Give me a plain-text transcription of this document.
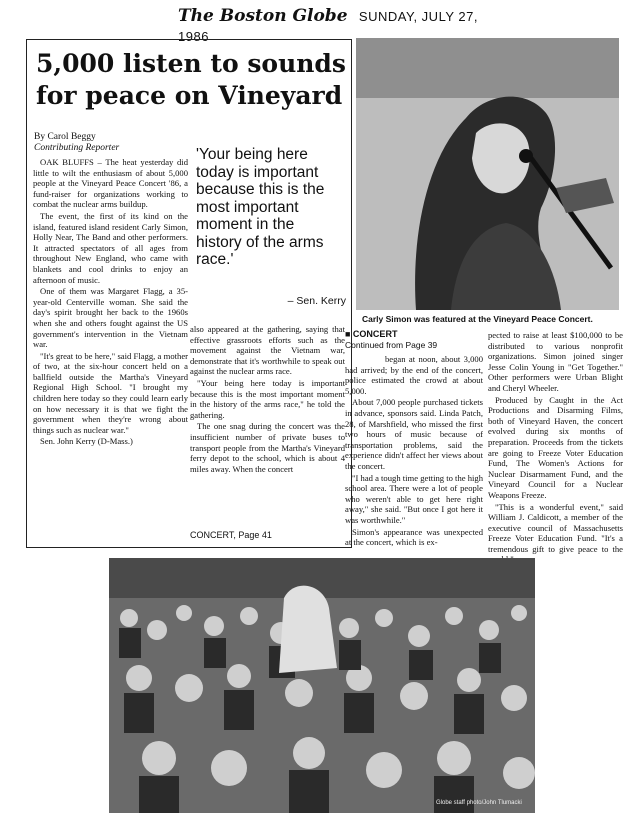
The Boston Globe SUNDAY, JULY 27, 1986
5,000 listen to sounds for peace on Vineyard
By Carol Beggy
Contributing Reporter

OAK BLUFFS – The heat yesterday did little to wilt the enthusiasm of about 5,000 people at the Vineyard Peace Concert '86, a fund-raiser for organizations working to combat the nuclear arms buildup.

The event, the first of its kind on the island, featured island resident Carly Simon, Holly Near, The Band and other performers. It attracted spectators of all ages from throughout New England, who came with blankets and cool drinks to enjoy an afternoon of music.

One of them was Margaret Flagg, a 35-year-old Centerville woman. She said the day's spirit brought her back to the 1960s when she and others fought against the US government's intervention in the Vietnam war.

"It's great to be here," said Flagg, a mother of two, at the six-hour concert held on a ballfield outside the Martha's Vineyard Regional High School. "I brought my children here today so they could learn early on how necessary it is that we fight the government when they're wrong about things such as nuclear war."

Sen. John Kerry (D-Mass.)

'Your being here today is important because this is the most important moment in the history of the arms race.'
– Sen. Kerry

also appeared at the gathering, saying that effective grassroots efforts such as the movement against the Vietnam war, demonstrate that it's worthwhile to speak out against the nuclear arms race.

"Your being here today is important because this is the most important moment in the history of the arms race," he told the gathering.

The one snag during the concert was the insufficient number of private buses to transport people from the Martha's Vineyard ferry depot to the school, which is about 4 miles away. When the concert

CONCERT, Page 41
Carly Simon was featured at the Vineyard Peace Concert.
■ CONCERT
Continued from Page 39

began at noon, about 3,000 had arrived; by the end of the concert, police estimated the crowd at about 5,000.

About 7,000 people purchased tickets in advance, sponsors said. Linda Patch, 28, of Marshfield, who missed the first two hours of music because of transportation problems, said the experience didn't affect her views about the concert.

"I had a tough time getting to the high school area. There were a lot of people who weren't able to get here right away," she said. "But once I got here it was worthwhile."

Simon's appearance was unexpected at the concert, which is ex-

pected to raise at least $100,000 to be distributed to various nonprofit organizations. Simon joined singer Jesse Colin Young in "Get Together." Other performers were Urban Blight and Cheryl Wheeler.

Produced by Caught in the Act Productions and Disarming Films, both of Vineyard Haven, the concert evolved during six months of preparation. Proceeds from the tickets are going to Freeze Voter Education Fund, The Women's Actions for Nuclear Disarmament Fund, and the Vineyard Council for a Nuclear Weapons Freeze.

"This is a wonderful event," said William J. Caldicott, a member of the executive council of Massachusetts Freeze Voter Education Fund. "It's a tremendous gift to give peace to the

Globe staff photo/John Tlumacki
